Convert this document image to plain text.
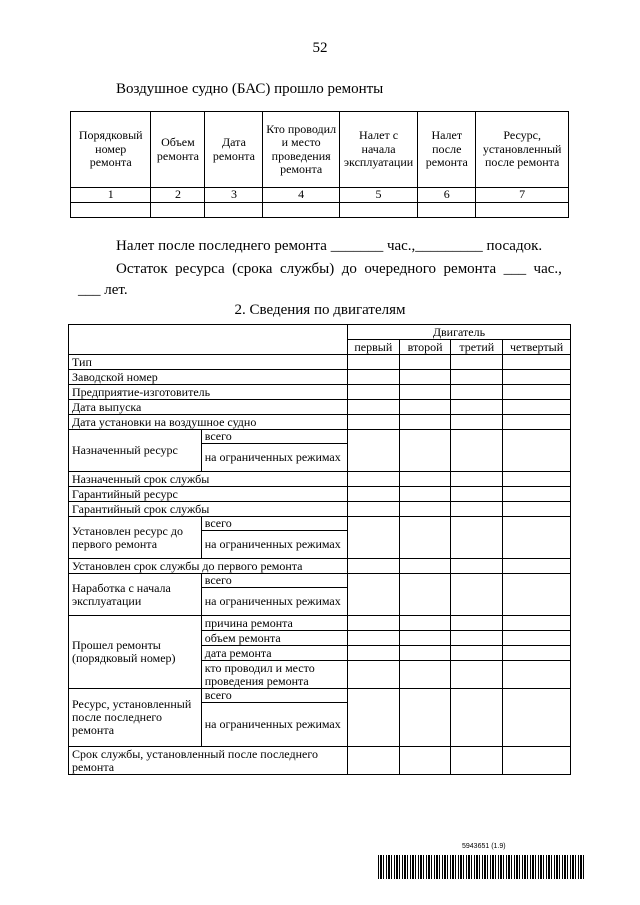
52
Воздушное судно (БАС) прошло ремонты
Порядковый номер ремонта	Объем ремонта	Дата ремонта	Кто проводил и место проведения ремонта	Налет с начала эксплуатации	Налет после ремонта	Ресурс, установленный после ремонта
1	2	3	4	5	6	7

Налет после последнего ремонта _______ час.,_________ посадок.
Остаток ресурса (срока службы) до очередного ремонта ___ час.,
___ лет.
2. Сведения по двигателям
		Двигатель			
		первый	второй	третий	четвертый
Тип					
Заводской номер					
Предприятие-изготовитель					
Дата выпуска					
Дата установки на воздушное судно					
Назначенный ресурс	всего				
	на ограниченных режимах				
Назначенный срок службы					
Гарантийный ресурс					
Гарантийный срок службы					
Установлен ресурс до первого ремонта	всего				
	на ограниченных режимах				
Установлен срок службы до первого ремонта					
Наработка с начала эксплуатации	всего				
	на ограниченных режимах				
Прошел ремонты (порядковый номер)	причина ремонта				
	объем ремонта				
	дата ремонта				
	кто проводил и место проведения ремонта				
Ресурс, установленный после последнего ремонта	всего				
	на ограниченных режимах				
Срок службы, установленный после последнего ремонта					
5943651 (1.9)
